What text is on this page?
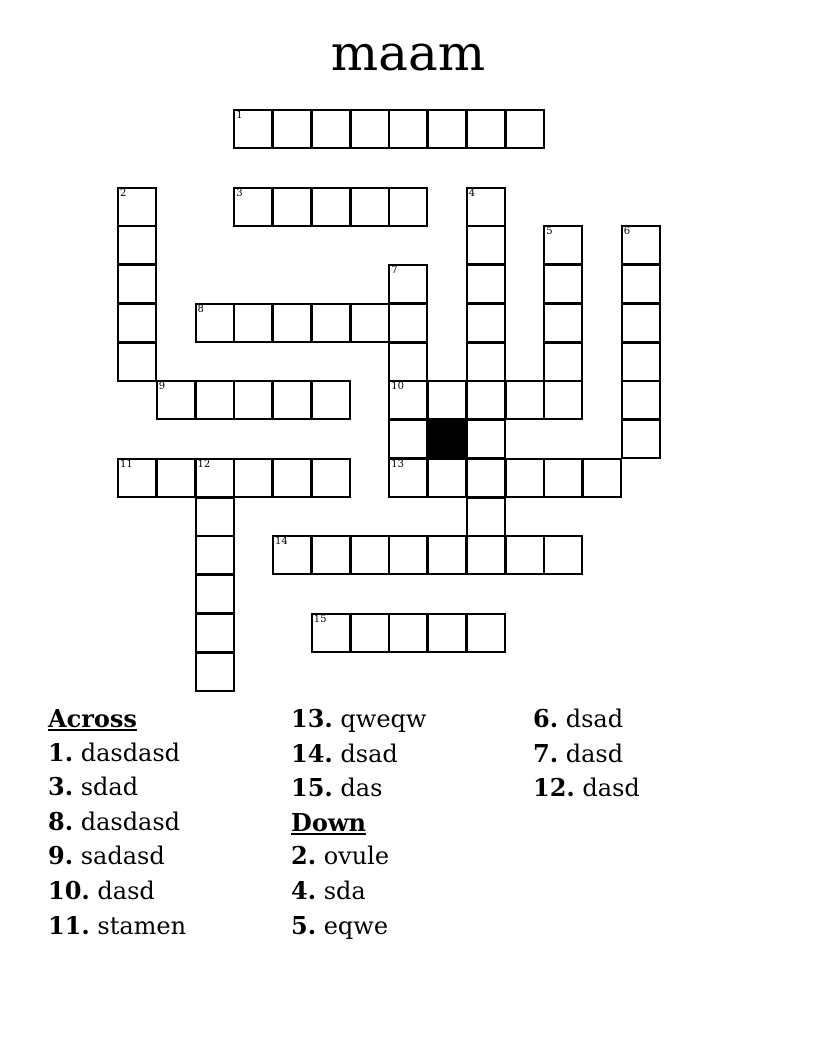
maam
1
2	3	4
5	6
7
8
9	10
11	12	13
14
15
Across
1. dasdasd
3. sdad
8. dasdasd
9. sadasd
10. dasd
11. stamen
13. qweqw
14. dsad
15. das
Down
2. ovule
4. sda
5. eqwe
6. dsad
7. dasd
12. dasd
